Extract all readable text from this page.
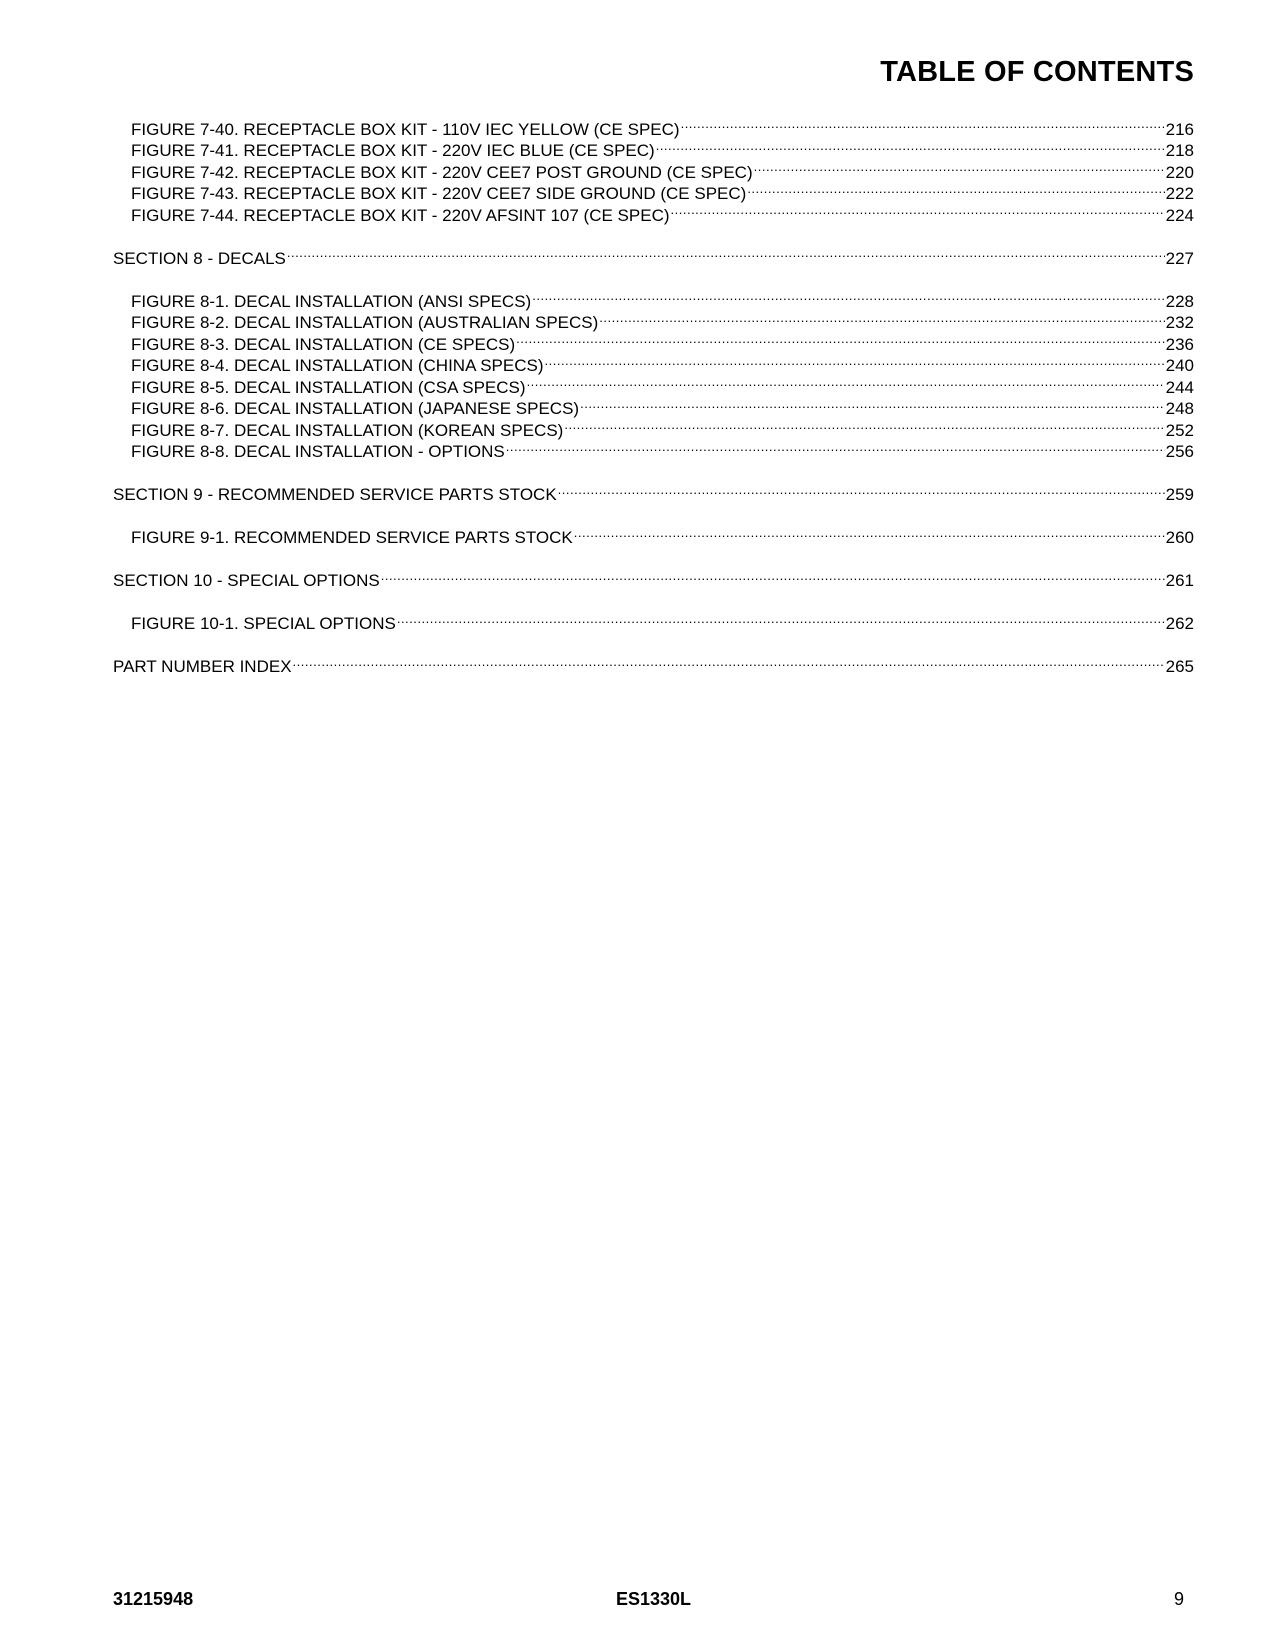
TABLE OF CONTENTS
FIGURE 7-40. RECEPTACLE BOX KIT - 110V IEC YELLOW (CE SPEC) .....	216
FIGURE 7-41. RECEPTACLE BOX KIT - 220V IEC BLUE (CE SPEC) .....	218
FIGURE 7-42. RECEPTACLE BOX KIT - 220V CEE7 POST GROUND (CE SPEC) .....	220
FIGURE 7-43. RECEPTACLE BOX KIT - 220V CEE7 SIDE GROUND (CE SPEC) .....	222
FIGURE 7-44. RECEPTACLE BOX KIT - 220V AFSINT 107 (CE SPEC) .....	224
SECTION 8 - DECALS .....	227
FIGURE 8-1. DECAL INSTALLATION (ANSI SPECS) .....	228
FIGURE 8-2. DECAL INSTALLATION (AUSTRALIAN SPECS) .....	232
FIGURE 8-3. DECAL INSTALLATION (CE SPECS) .....	236
FIGURE 8-4. DECAL INSTALLATION (CHINA SPECS) .....	240
FIGURE 8-5. DECAL INSTALLATION (CSA SPECS) .....	244
FIGURE 8-6. DECAL INSTALLATION (JAPANESE SPECS) .....	248
FIGURE 8-7. DECAL INSTALLATION (KOREAN SPECS) .....	252
FIGURE 8-8. DECAL INSTALLATION - OPTIONS .....	256
SECTION 9 - RECOMMENDED SERVICE PARTS STOCK .....	259
FIGURE 9-1. RECOMMENDED SERVICE PARTS STOCK .....	260
SECTION 10 - SPECIAL OPTIONS .....	261
FIGURE 10-1. SPECIAL OPTIONS .....	262
PART NUMBER INDEX .....	265
31215948	ES1330L	9
